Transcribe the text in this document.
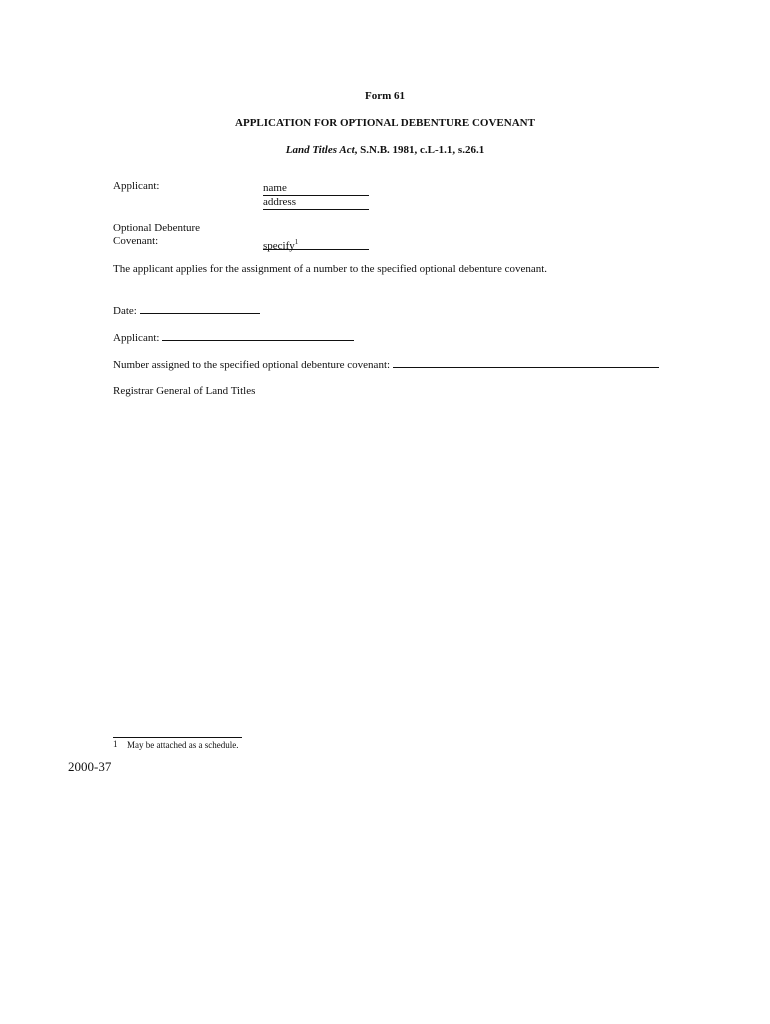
Form 61
APPLICATION FOR OPTIONAL DEBENTURE COVENANT
Land Titles Act, S.N.B. 1981, c.L-1.1, s.26.1
Applicant:	name
address
Optional Debenture
Covenant:	specify$^1$
The applicant applies for the assignment of a number to the specified optional debenture covenant.
Date:
Applicant:
Number assigned to the specified optional debenture covenant:
Registrar General of Land Titles
1 May be attached as a schedule.
2000-37
